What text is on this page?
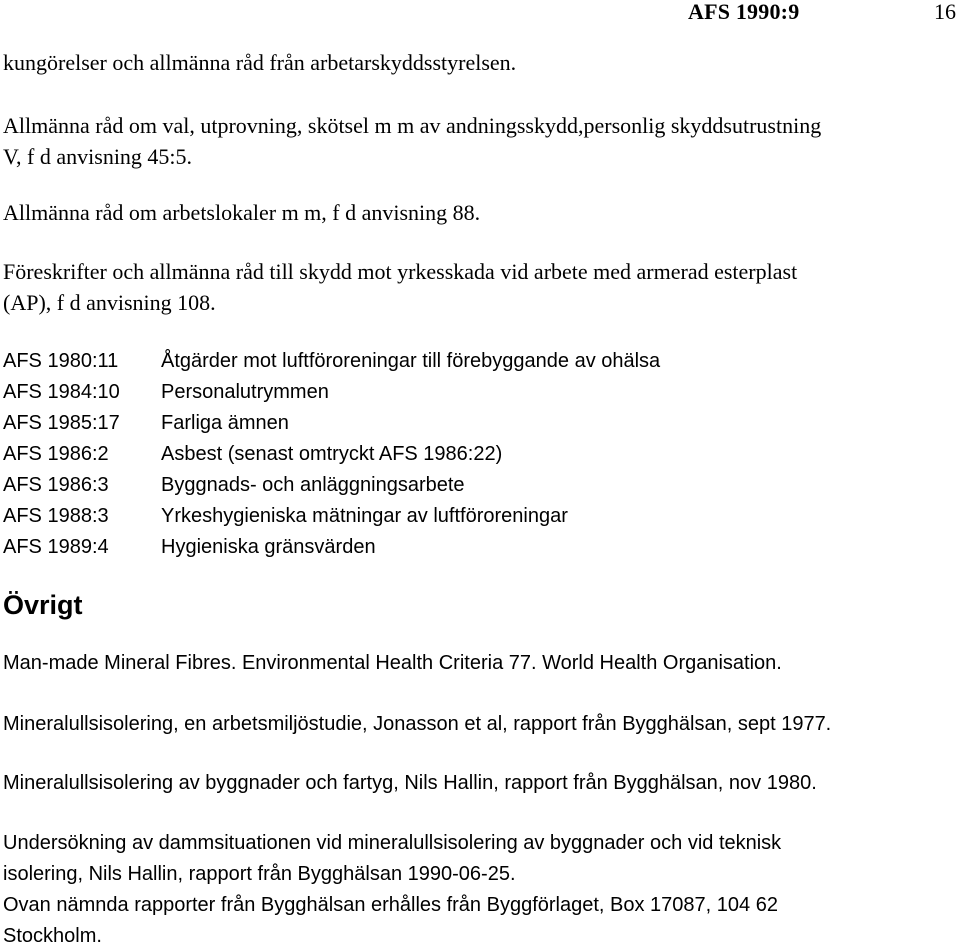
AFS 1990:9	16
kungörelser och allmänna råd från arbetarskyddsstyrelsen.
Allmänna råd om val, utprovning, skötsel m m av andningsskydd,personlig skyddsutrustning
V, f d anvisning 45:5.
Allmänna råd om arbetslokaler m m, f d anvisning 88.
Föreskrifter och allmänna råd till skydd mot yrkesskada vid arbete med armerad esterplast
(AP), f d anvisning 108.
AFS 1980:11 Åtgärder mot luftföroreningar till förebyggande av ohälsa
AFS 1984:10 Personalutrymmen
AFS 1985:17 Farliga ämnen
AFS 1986:2	Asbest (senast omtryckt AFS 1986:22)
AFS 1986:3	Byggnads- och anläggningsarbete
AFS 1988:3	Yrkeshygieniska mätningar av luftföroreningar
AFS 1989:4	Hygieniska gränsvärden
Övrigt
Man-made Mineral Fibres. Environmental Health Criteria 77. World Health Organisation.
Mineralullsisolering, en arbetsmiljöstudie, Jonasson et al, rapport från Bygghälsan, sept 1977.
Mineralullsisolering av byggnader och fartyg, Nils Hallin, rapport från Bygghälsan, nov 1980.
Undersökning av dammsituationen vid mineralullsisolering av byggnader och vid teknisk
isolering, Nils Hallin, rapport från Bygghälsan 1990-06-25.
Ovan nämnda rapporter från Bygghälsan erhålles från Byggförlaget, Box 17087, 104 62
Stockholm.
